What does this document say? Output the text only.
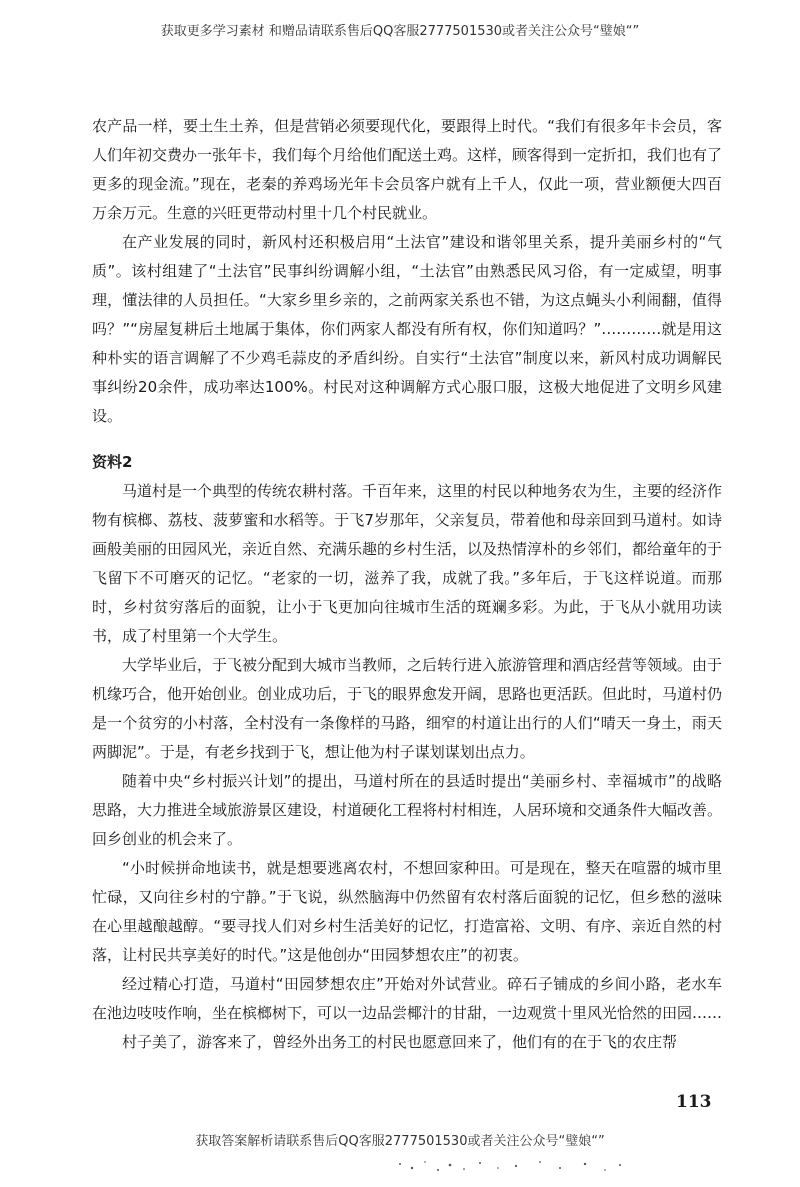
获取更多学习素材 和赠品请联系售后QQ客服2777501530或者关注公众号“璧娘“”

农产品一样，要土生土养，但是营销必须要现代化，要跟得上时代。“我们有很多年卡会员，客人们年初交费办一张年卡，我们每个月给他们配送土鸡。这样，顾客得到一定折扣，我们也有了更多的现金流。”现在，老秦的养鸡场光年卡会员客户就有上千人，仅此一项，营业额便大四百万余万元。生意的兴旺更带动村里十几个村民就业。

在产业发展的同时，新风村还积极启用“土法官”建设和谐邻里关系，提升美丽乡村的“气质”。该村组建了“土法官”民事纠纷调解小组，“土法官”由熟悉民风习俗，有一定威望，明事理，懂法律的人员担任。“大家乡里乡亲的，之前两家关系也不错，为这点蝇头小利闹翻，值得吗？”“房屋复耕后土地属于集体，你们两家人都没有所有权，你们知道吗？”…………就是用这种朴实的语言调解了不少鸡毛蒜皮的矛盾纠纷。自实行“土法官”制度以来，新风村成功调解民事纠纷20余件，成功率达100%。村民对这种调解方式心服口服，这极大地促进了文明乡风建设。

资料2

马道村是一个典型的传统农耕村落。千百年来，这里的村民以种地务农为生，主要的经济作物有槟榔、荔枝、菠萝蜜和水稻等。于飞7岁那年，父亲复员，带着他和母亲回到马道村。如诗画般美丽的田园风光，亲近自然、充满乐趣的乡村生活，以及热情淳朴的乡邻们，都给童年的于飞留下不可磨灭的记忆。“老家的一切，滋养了我，成就了我。”多年后，于飞这样说道。而那时，乡村贫穷落后的面貌，让小于飞更加向往城市生活的斑斓多彩。为此，于飞从小就用功读书，成了村里第一个大学生。

大学毕业后，于飞被分配到大城市当教师，之后转行进入旅游管理和酒店经营等领域。由于机缘巧合，他开始创业。创业成功后，于飞的眼界愈发开阔，思路也更活跃。但此时，马道村仍是一个贫穷的小村落，全村没有一条像样的马路，细窄的村道让出行的人们“晴天一身土，雨天两脚泥”。于是，有老乡找到于飞，想让他为村子谋划谋划出点力。

随着中央“乡村振兴计划”的提出，马道村所在的县适时提出“美丽乡村、幸福城市”的战略思路，大力推进全域旅游景区建设，村道硬化工程将村村相连，人居环境和交通条件大幅改善。回乡创业的机会来了。

“小时候拼命地读书，就是想要逃离农村，不想回家种田。可是现在，整天在喧嚣的城市里忙碌，又向往乡村的宁静。”于飞说，纵然脑海中仍然留有农村落后面貌的记忆，但乡愁的滋味在心里越酿越醇。“要寻找人们对乡村生活美好的记忆，打造富裕、文明、有序、亲近自然的村落，让村民共享美好的时代。”这是他创办“田园梦想农庄”的初衷。

经过精心打造，马道村“田园梦想农庄”开始对外试营业。碎石子铺成的乡间小路，老水车在池边吱吱作响，坐在槟榔树下，可以一边品尝椰汁的甘甜，一边观赏十里风光恰然的田园……

村子美了，游客来了，曾经外出务工的村民也愿意回来了，他们有的在于飞的农庄帮

113
获取答案解析请联系售后QQ客服2777501530或者关注公众号“璧娘“”
